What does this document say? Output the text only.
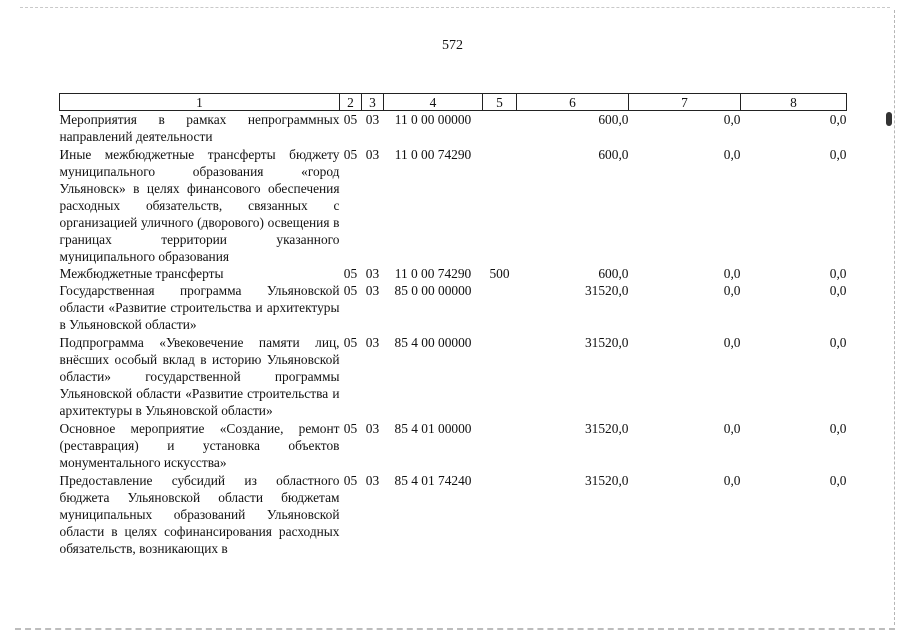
572
1	2	3	4	5	6	7	8
Мероприятия в рамках непрограммных направлений деятельности	05	03	11 0 00 00000		600,0	0,0	0,0
Иные межбюджетные трансферты бюджету муниципального образования «город Ульяновск» в целях финансового обеспечения расходных обязательств, связанных с организацией уличного (дворового) освещения в границах территории указанного муниципального образования	05	03	11 0 00 74290		600,0	0,0	0,0
Межбюджетные трансферты	05	03	11 0 00 74290	500	600,0	0,0	0,0
Государственная программа Ульяновской области «Развитие строительства и архитектуры в Ульяновской области»	05	03	85 0 00 00000		31520,0	0,0	0,0
Подпрограмма «Увековечение памяти лиц, внёсших особый вклад в историю Ульяновской области» государственной программы Ульяновской области «Развитие строительства и архитектуры в Ульяновской области»	05	03	85 4 00 00000		31520,0	0,0	0,0
Основное мероприятие «Создание, ремонт (реставрация) и установка объектов монументального искусства»	05	03	85 4 01 00000		31520,0	0,0	0,0
Предоставление субсидий из областного бюджета Ульяновской области бюджетам муниципальных образований Ульяновской области в целях софинансирования расходных обязательств, возникающих в	05	03	85 4 01 74240		31520,0	0,0	0,0
